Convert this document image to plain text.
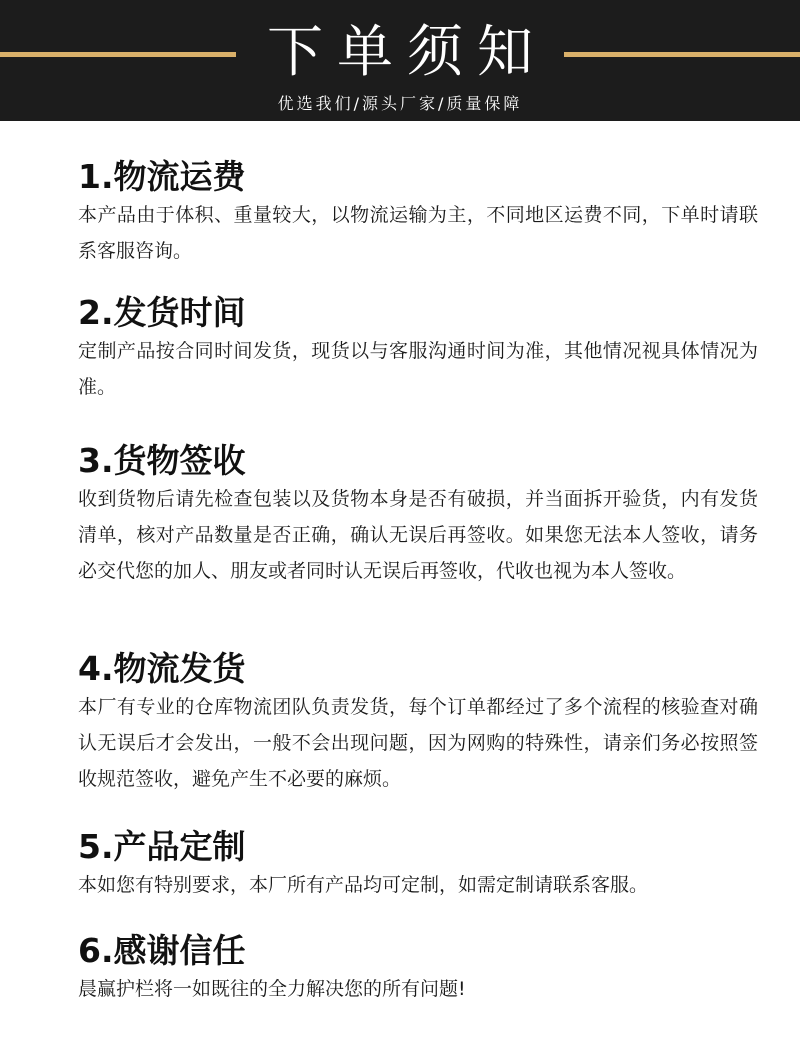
下单须知
优选我们/源头厂家/质量保障
1.物流运费

本产品由于体积、重量较大，以物流运输为主，不同地区运费不同，下单时请联系客服咨询。

2.发货时间

定制产品按合同时间发货，现货以与客服沟通时间为准，其他情况视具体情况为准。

3.货物签收

收到货物后请先检查包装以及货物本身是否有破损，并当面拆开验货，内有发货清单，核对产品数量是否正确，确认无误后再签收。如果您无法本人签收，请务必交代您的加人、朋友或者同时认无误后再签收，代收也视为本人签收。

4.物流发货

本厂有专业的仓库物流团队负责发货，每个订单都经过了多个流程的核验查对确认无误后才会发出，一般不会出现问题，因为网购的特殊性，请亲们务必按照签收规范签收，避免产生不必要的麻烦。

5.产品定制

本如您有特别要求，本厂所有产品均可定制，如需定制请联系客服。

6.感谢信任

晨赢护栏将一如既往的全力解决您的所有问题!
